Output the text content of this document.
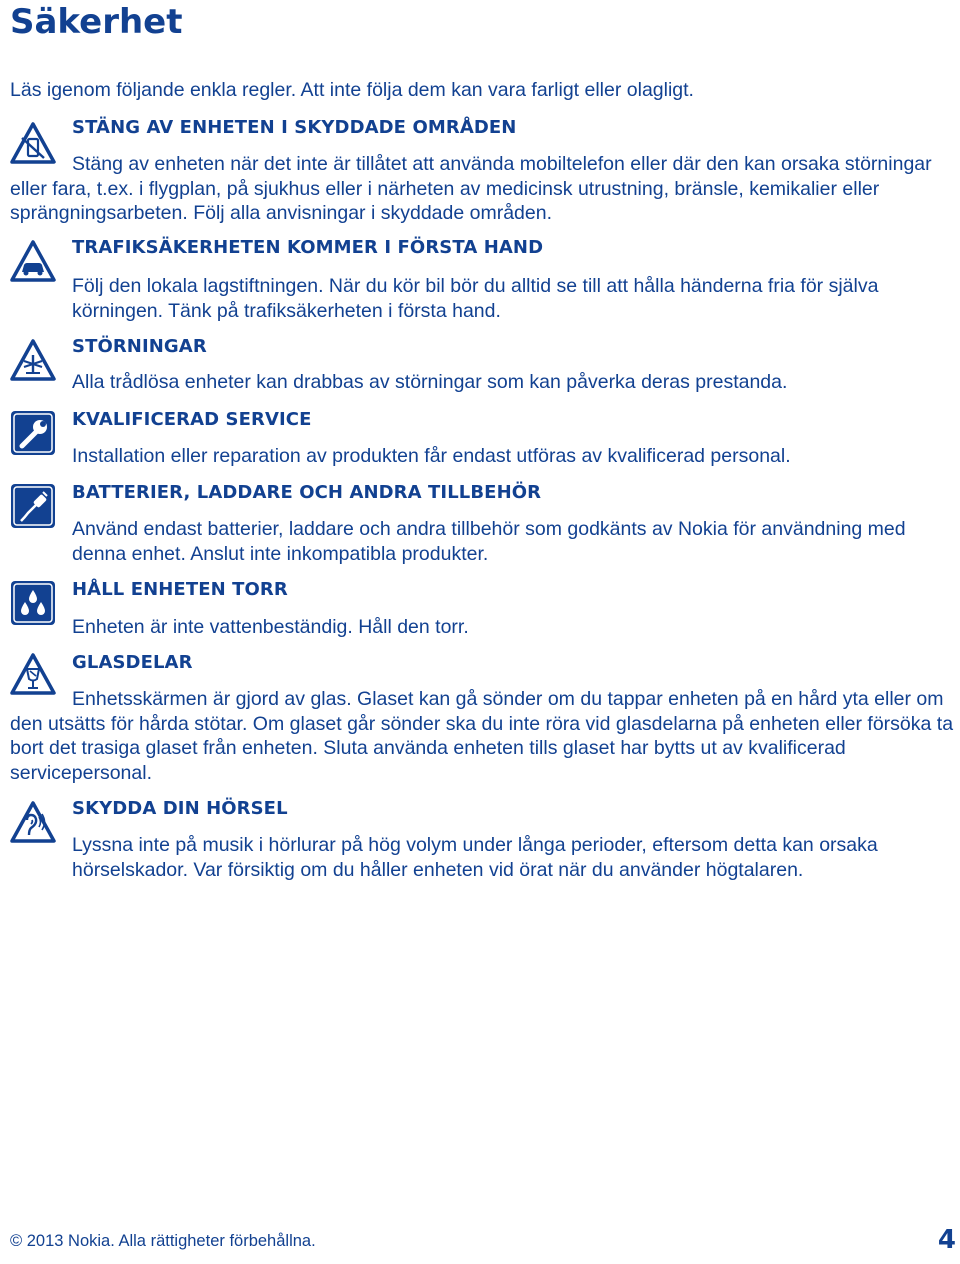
Säkerhet

Läs igenom följande enkla regler. Att inte följa dem kan vara farligt eller olagligt.

STÄNG AV ENHETEN I SKYDDADE OMRÅDEN

Stäng av enheten när det inte är tillåtet att använda mobiltelefon eller där den kan orsaka störningar eller fara, t.ex. i flygplan, på sjukhus eller i närheten av medicinsk utrustning, bränsle, kemikalier eller sprängningsarbeten. Följ alla anvisningar i skyddade områden.

TRAFIKSÄKERHETEN KOMMER I FÖRSTA HAND

Följ den lokala lagstiftningen. När du kör bil bör du alltid se till att hålla händerna fria för själva körningen. Tänk på trafiksäkerheten i första hand.

STÖRNINGAR

Alla trådlösa enheter kan drabbas av störningar som kan påverka deras prestanda.

KVALIFICERAD SERVICE

Installation eller reparation av produkten får endast utföras av kvalificerad personal.

BATTERIER, LADDARE OCH ANDRA TILLBEHÖR

Använd endast batterier, laddare och andra tillbehör som godkänts av Nokia för användning med denna enhet. Anslut inte inkompatibla produkter.

HÅLL ENHETEN TORR

Enheten är inte vattenbeständig. Håll den torr.

GLASDELAR

Enhetsskärmen är gjord av glas. Glaset kan gå sönder om du tappar enheten på en hård yta eller om den utsätts för hårda stötar. Om glaset går sönder ska du inte röra vid glasdelarna på enheten eller försöka ta bort det trasiga glaset från enheten. Sluta använda enheten tills glaset har bytts ut av kvalificerad servicepersonal.

SKYDDA DIN HÖRSEL

Lyssna inte på musik i hörlurar på hög volym under långa perioder, eftersom detta kan orsaka hörselskador. Var försiktig om du håller enheten vid örat när du använder högtalaren.

© 2013 Nokia. Alla rättigheter förbehållna.	4
